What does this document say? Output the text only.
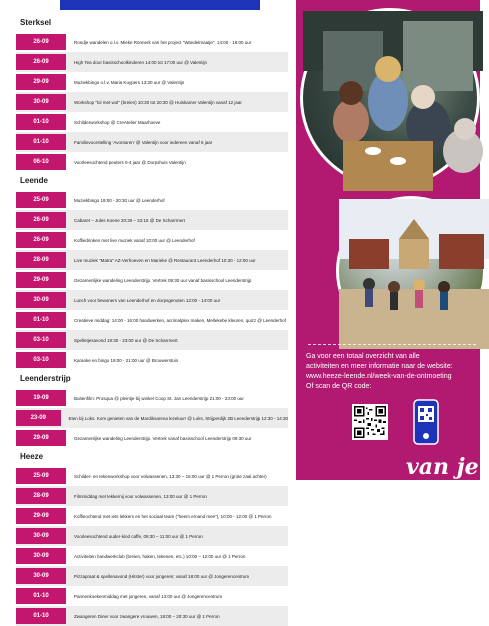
Sterksel
26-09	Rondje wandelen o.l.v. Mieke Rönnerk van het project "Wandelmaatje". 14:00 - 16:00 uur
26-09	High Tea door basisschoolkinderen 14:00 tot 17:00 uur @ Valentijn
29-09	Muziekbingo o.l.v. Maria Kuypers 13:30 uur @ Valentijn
30-09	Workshop "lol met wol" (breien) 10:30 tot 20:30 @ Huiskamer Valentijn vanaf 12 jaar
01-10	Schilderworkshop @ CreAtelier Maarhoeve
01-10	Familievoorstelling 'Avonturen' @ Valentijn voor iedereen vanaf 6 jaar
06-10	Voorleesochtend peuters 0-4 jaar @ Dorpshuis Valentijn
Leende
25-09	Muziekbingo 19:00 - 20:30 uur @ Leenderhof
26-09	Cabaret – Jules Koene 20:30 – 22:15 @ De Scharrmert
26-09	Koffiedrinken met live muziek vanaf 10:00 uur @ Leenderhof
28-09	Live muziek "Matra" AZ-Verhoeven en Marieke @ Restaurant Leenderhof 10:30 - 12:00 uur
29-09	Gezamenlijke wandeling Leenderstrijp. Vertrek 09:30 uur vanaf basisschool Leenderstrijp
30-09	Lunch voor bewoners van Leenderhof en dorpsgenoten 12:00 - 14:00 uur
01-10	Creatieve middag: 14:00 - 16:00 handwerken, acrimalplex maken, Mellekebe kleuren, quizz @ Leenderhof
03-10	Spelletjesavond 19:30 - 23:00 uur @ De Scharrmert
03-10	Karaoke en bingo 19:00 - 21:00 uur @ Brouwerstuin
Leenderstrijp
19-09	Buitenfilm: Prosqua @ pleintje bij winkel Coop St. Jan Leenderstrijp 21:00 - 23:00 uur
23-09	Eten bij Loks. Kom genieten van de Mardiksarena lezeluur! @ Loks, Strijperdijk 2B Leenderstrijp 12:30 - 14:30
29-09	Gezamenlijke wandeling Leenderstrijp. Vertrek vanaf basisschool Leenderstrijp 09:30 uur
Heeze
25-09	Schilder- en tekenworkshop voor volwassenen, 13:30 – 16:00 uur @ 1 Perron (grote zaal achter)
28-09	Filmmiddag met lekkernij voor volwassenen, 13:00 uur @ 1 Perron
29-09	Koffieochtend met iets lekkers en het sociaal team ("heem ernand mee"), 10:00 - 12:00 @ 1 Perron
30-09	Voorleesochtend ouder-kind caffe, 09:30 – 11:00 uur @ 1 Perron
30-09	Activiteiten handwerkclub (breien, haken, tekenen, etc.) 10:00 – 12:00 uur @ 1 Perron
30-09	Pizzapraat & spellenavond (Hitster) voor jongeren; vanaf 18:00 uur @ Jongerencentrum
01-10	Pannenkoekenmiddag met jongeren, vanaf 13:00 uur @ Jongerencentrum
01-10	Zwangeren Diner voor zwangere vrouwen, 18:00 – 20:30 uur @ 1 Perron
Ga voor een totaal overzicht van alle
activiteiten en meer informatie naar de website:
www.heeze-leende.nl/week-van-de-ontmoeting
Of scan de QR code:
van je
